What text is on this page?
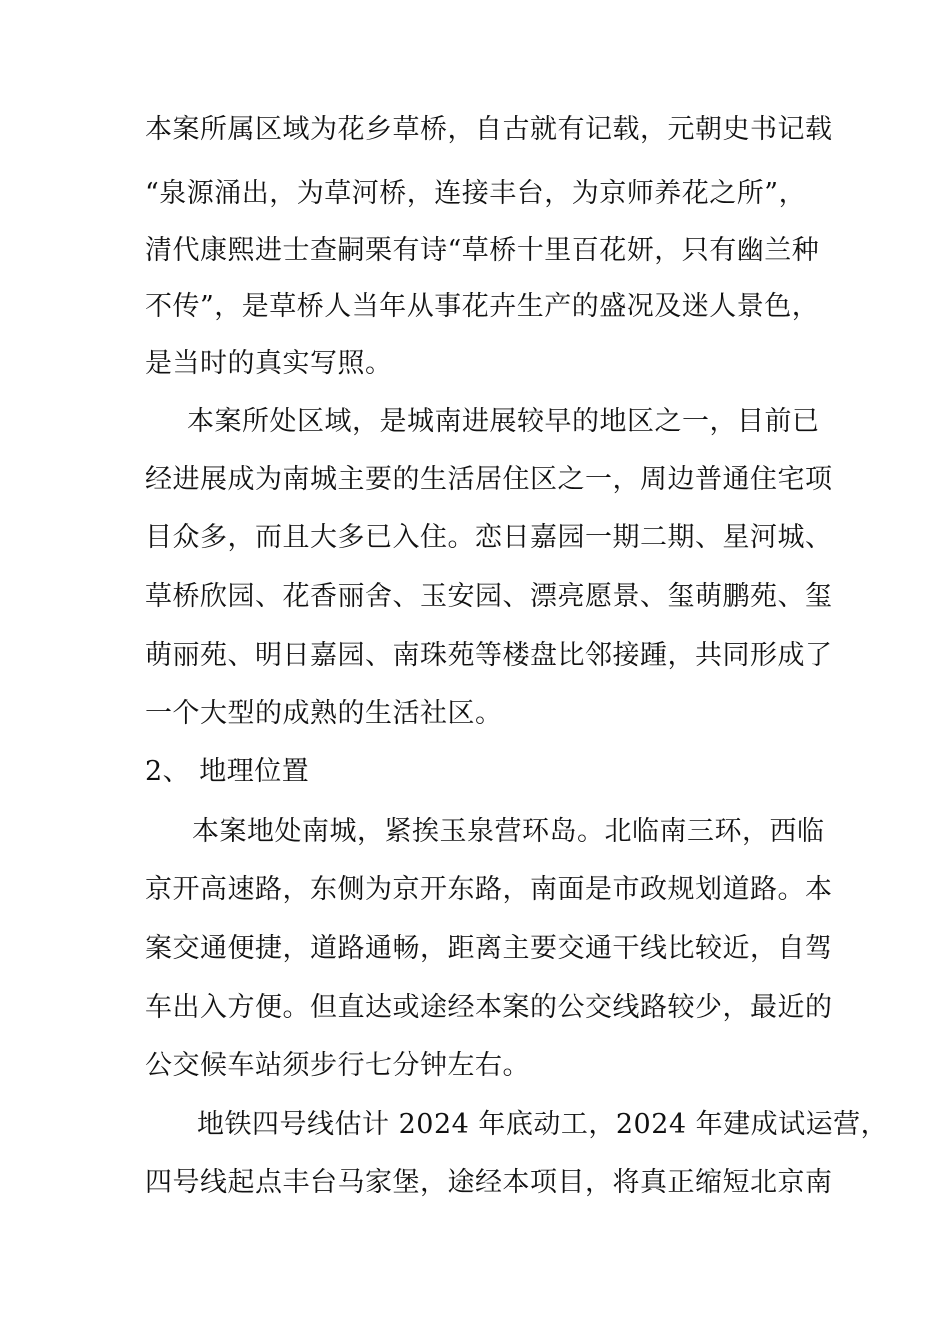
本案所属区域为花乡草桥，自古就有记载，元朝史书记载
“泉源涌出，为草河桥，连接丰台，为京师养花之所”，
清代康熙进士查嗣栗有诗“草桥十里百花妍，只有幽兰种
不传”，是草桥人当年从事花卉生产的盛况及迷人景色，
是当时的真实写照。
本案所处区域，是城南进展较早的地区之一，目前已
经进展成为南城主要的生活居住区之一，周边普通住宅项
目众多，而且大多已入住。恋日嘉园一期二期、星河城、
草桥欣园、花香丽舍、玉安园、漂亮愿景、玺萌鹏苑、玺
萌丽苑、明日嘉园、南珠苑等楼盘比邻接踵，共同形成了
一个大型的成熟的生活社区。
2、 地理位置
本案地处南城，紧挨玉泉营环岛。北临南三环，西临
京开高速路，东侧为京开东路，南面是市政规划道路。本
案交通便捷，道路通畅，距离主要交通干线比较近，自驾
车出入方便。但直达或途经本案的公交线路较少，最近的
公交候车站须步行七分钟左右。
地铁四号线估计 2024 年底动工，2024 年建成试运营，
四号线起点丰台马家堡，途经本项目，将真正缩短北京南
